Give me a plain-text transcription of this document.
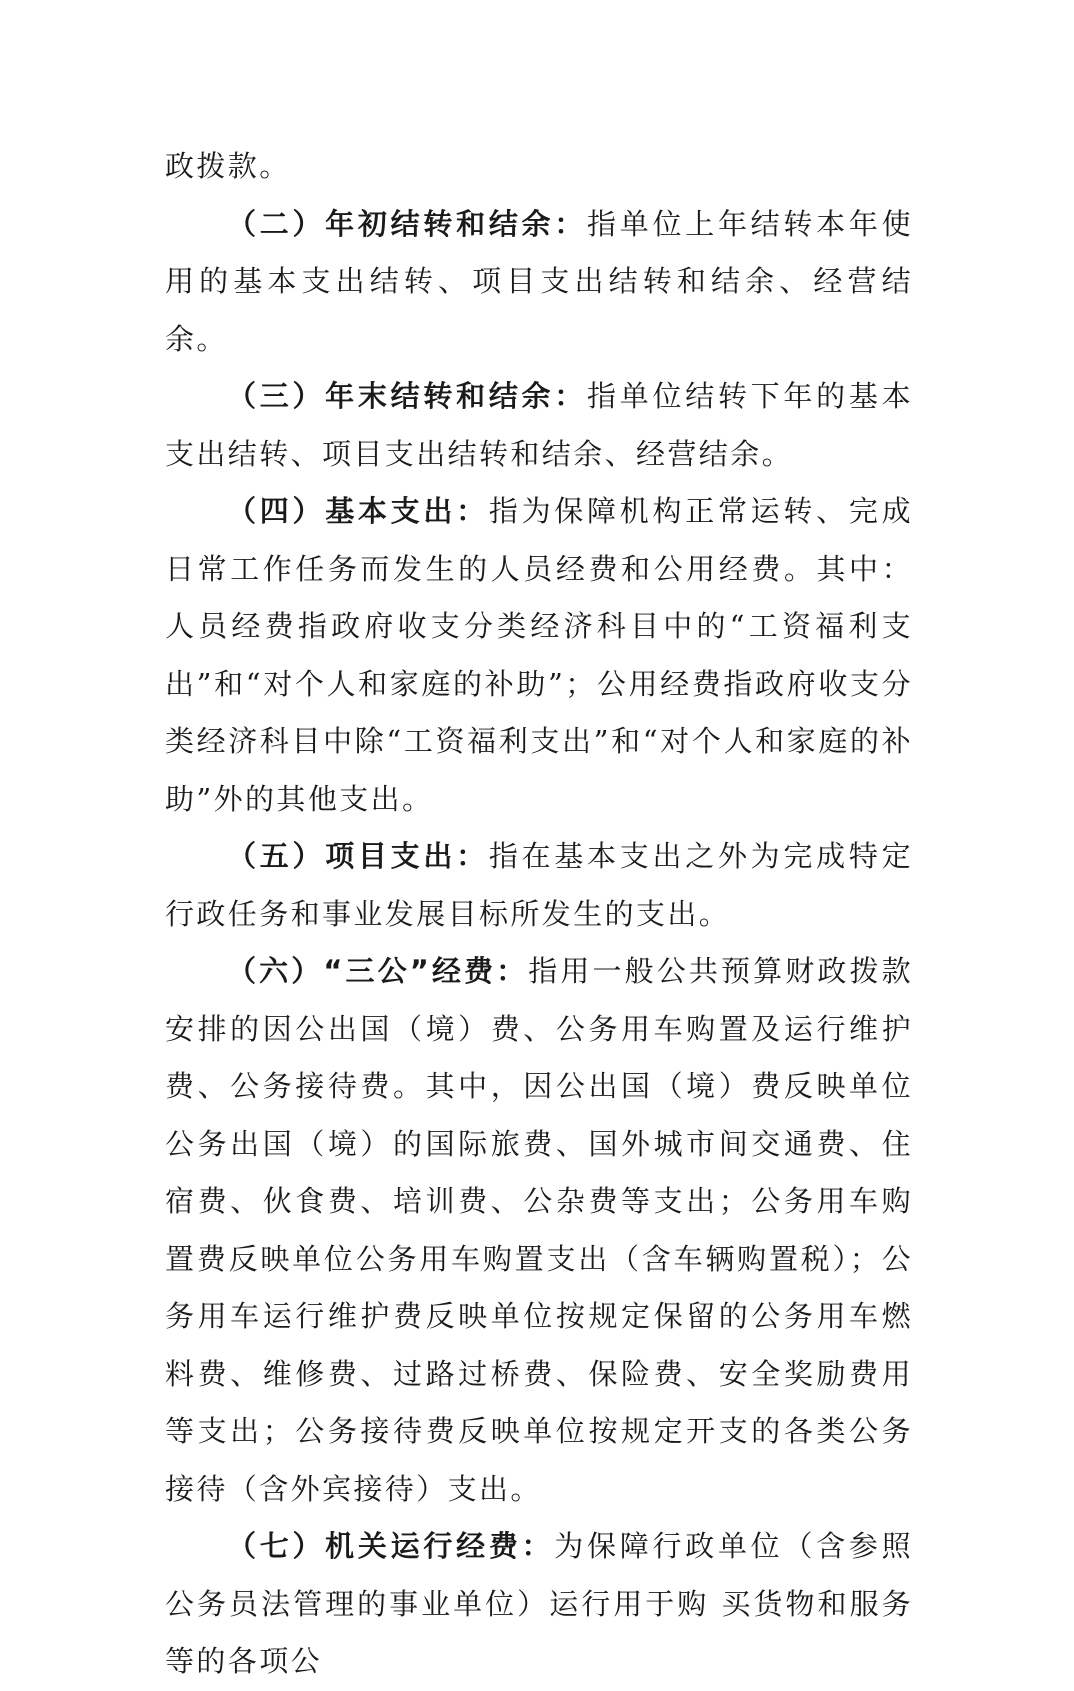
政拨款。

（二）年初结转和结余：指单位上年结转本年使用的基本支出结转、项目支出结转和结余、经营结余。

（三）年末结转和结余：指单位结转下年的基本支出结转、项目支出结转和结余、经营结余。

（四）基本支出：指为保障机构正常运转、完成日常工作任务而发生的人员经费和公用经费。其中：人员经费指政府收支分类经济科目中的“工资福利支出”和“对个人和家庭的补助”；公用经费指政府收支分类经济科目中除“工资福利支出”和“对个人和家庭的补助”外的其他支出。

（五）项目支出：指在基本支出之外为完成特定行政任务和事业发展目标所发生的支出。

（六）“三公”经费：指用一般公共预算财政拨款安排的因公出国（境）费、公务用车购置及运行维护费、公务接待费。其中，因公出国（境）费反映单位公务出国（境）的国际旅费、国外城市间交通费、住宿费、伙食费、培训费、公杂费等支出；公务用车购置费反映单位公务用车购置支出（含车辆购置税）；公务用车运行维护费反映单位按规定保留的公务用车燃料费、维修费、过路过桥费、保险费、安全奖励费用等支出；公务接待费反映单位按规定开支的各类公务接待（含外宾接待）支出。

（七）机关运行经费：为保障行政单位（含参照公务员法管理的事业单位）运行用于购 买货物和服务等的各项公
